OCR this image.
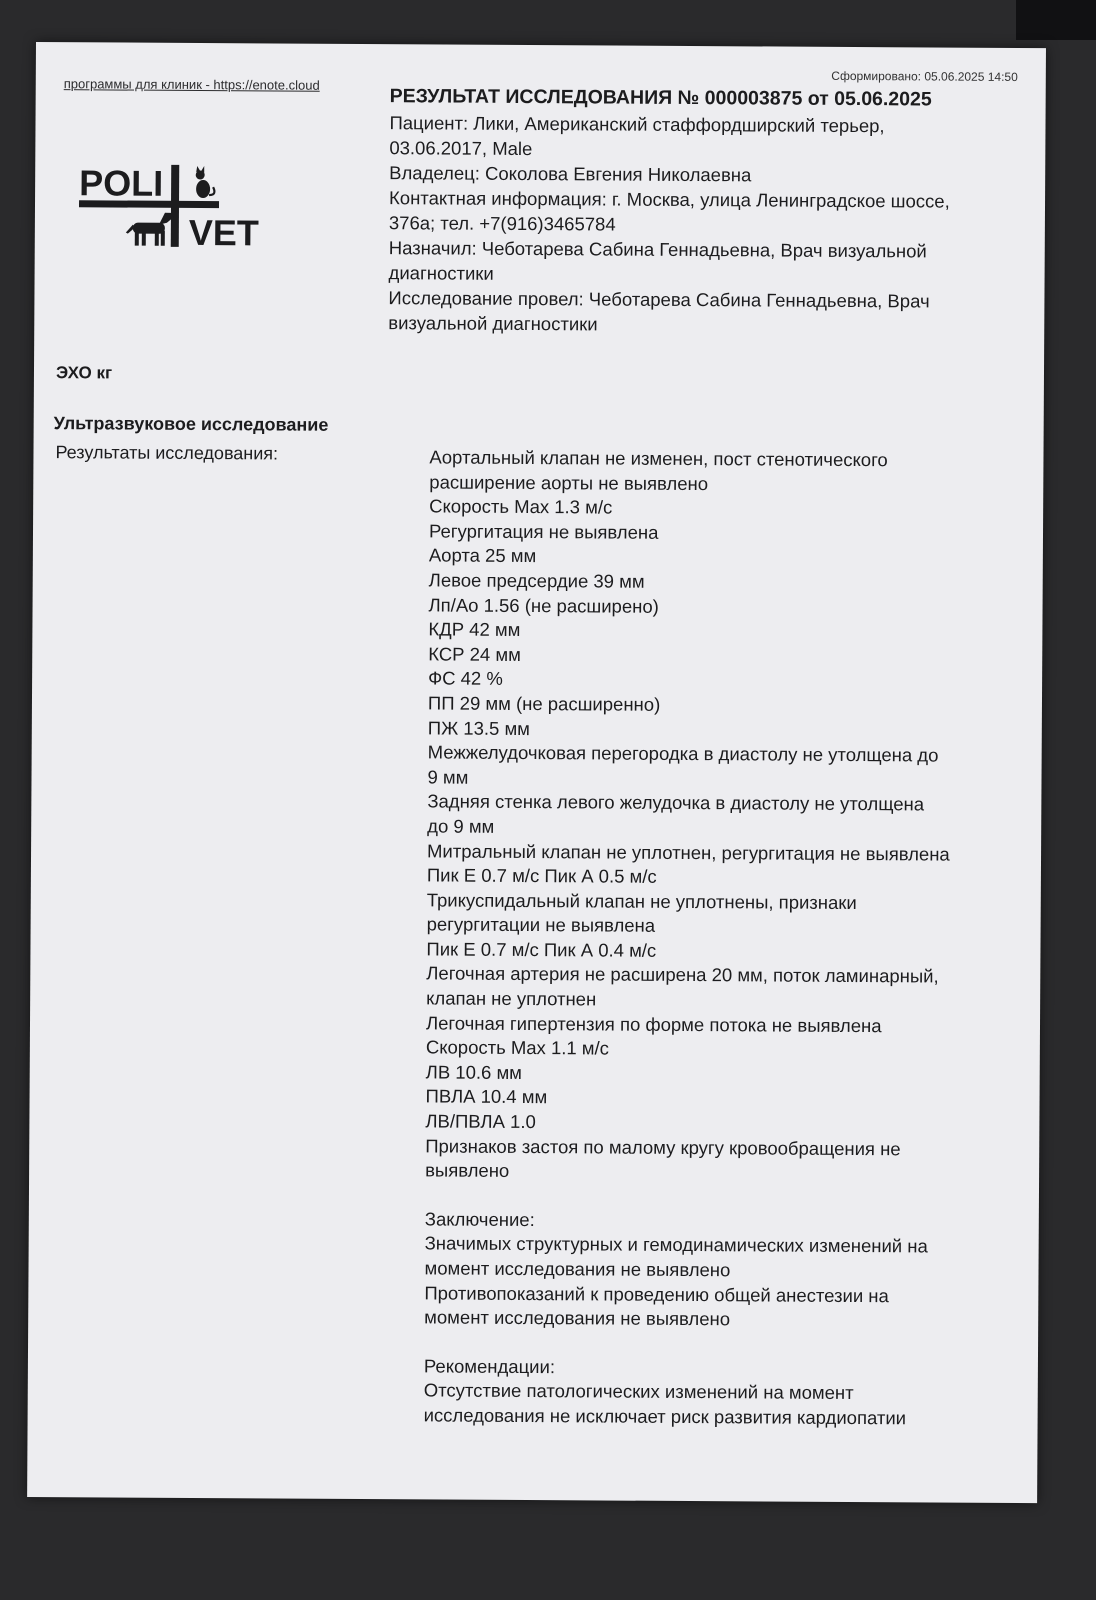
программы для клиник - https://enote.cloud	Сформировано: 05.06.2025 14:50
POLI
VET
РЕЗУЛЬТАТ ИССЛЕДОВАНИЯ № 000003875 от 05.06.2025
Пациент: Лики, Американский стаффордширский терьер,
03.06.2017, Male
Владелец: Соколова Евгения Николаевна
Контактная информация: г. Москва, улица Ленинградское шоссе,
376а; тел. +7(916)3465784
Назначил: Чеботарева Сабина Геннадьевна, Врач визуальной
диагностики
Исследование провел: Чеботарева Сабина Геннадьевна, Врач
визуальной диагностики
ЭХО кг
Ультразвуковое исследование
Результаты исследования:	Аортальный клапан не изменен, пост стенотического
расширение аорты не выявлено
Скорость Max 1.3 м/с
Регургитация не выявлена
Аорта 25 мм
Левое предсердие 39 мм
Лп/Ао 1.56 (не расширено)
КДР 42 мм
КСР 24 мм
ФС 42 %
ПП 29 мм (не расширенно)
ПЖ 13.5 мм
Межжелудочковая перегородка в диастолу не утолщена до
9 мм
Задняя стенка левого желудочка в диастолу не утолщена
до 9 мм
Митральный клапан не уплотнен, регургитация не выявлена
Пик Е 0.7 м/с Пик А 0.5 м/с
Трикуспидальный клапан не уплотнены, признаки
регургитации не выявлена
Пик Е 0.7 м/с Пик А 0.4 м/с
Легочная артерия не расширена 20 мм, поток ламинарный,
клапан не уплотнен
Легочная гипертензия по форме потока не выявлена
Скорость Max 1.1 м/с
ЛВ 10.6 мм
ПВЛА 10.4 мм
ЛВ/ПВЛА 1.0
Признаков застоя по малому кругу кровообращения не
выявлено
Заключение:
Значимых структурных и гемодинамических изменений на
момент исследования не выявлено
Противопоказаний к проведению общей анестезии на
момент исследования не выявлено
Рекомендации:
Отсутствие патологических изменений на момент
исследования не исключает риск развития кардиопатии
